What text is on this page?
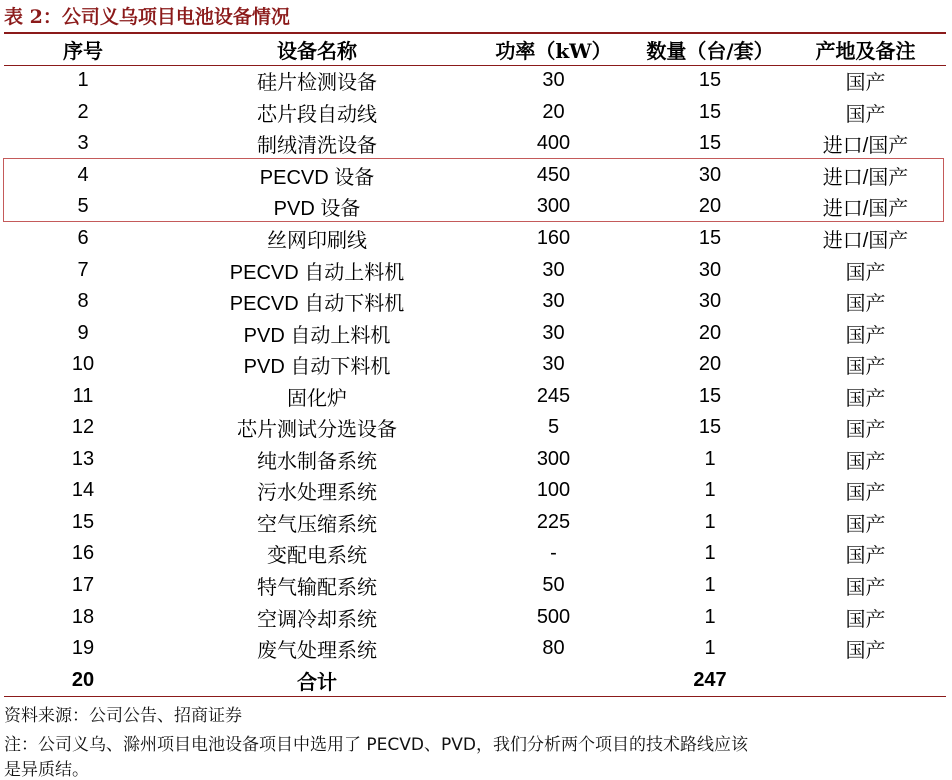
表 2：公司义乌项目电池设备情况
序号	设备名称	功率（kW）	数量（台/套）	产地及备注
1	硅片检测设备	30	15	国产
2	芯片段自动线	20	15	国产
3	制绒清洗设备	400	15	进口/国产
4	PECVD 设备	450	30	进口/国产
5	PVD 设备	300	20	进口/国产
6	丝网印刷线	160	15	进口/国产
7	PECVD 自动上料机	30	30	国产
8	PECVD 自动下料机	30	30	国产
9	PVD 自动上料机	30	20	国产
10	PVD 自动下料机	30	20	国产
11	固化炉	245	15	国产
12	芯片测试分选设备	5	15	国产
13	纯水制备系统	300	1	国产
14	污水处理系统	100	1	国产
15	空气压缩系统	225	1	国产
16	变配电系统	-	1	国产
17	特气输配系统	50	1	国产
18	空调冷却系统	500	1	国产
19	废气处理系统	80	1	国产
20	合计		247	
资料来源：公司公告、招商证券
注：公司义乌、滁州项目电池设备项目中选用了 PECVD、PVD，我们分析两个项目的技术路线应该
是异质结。
